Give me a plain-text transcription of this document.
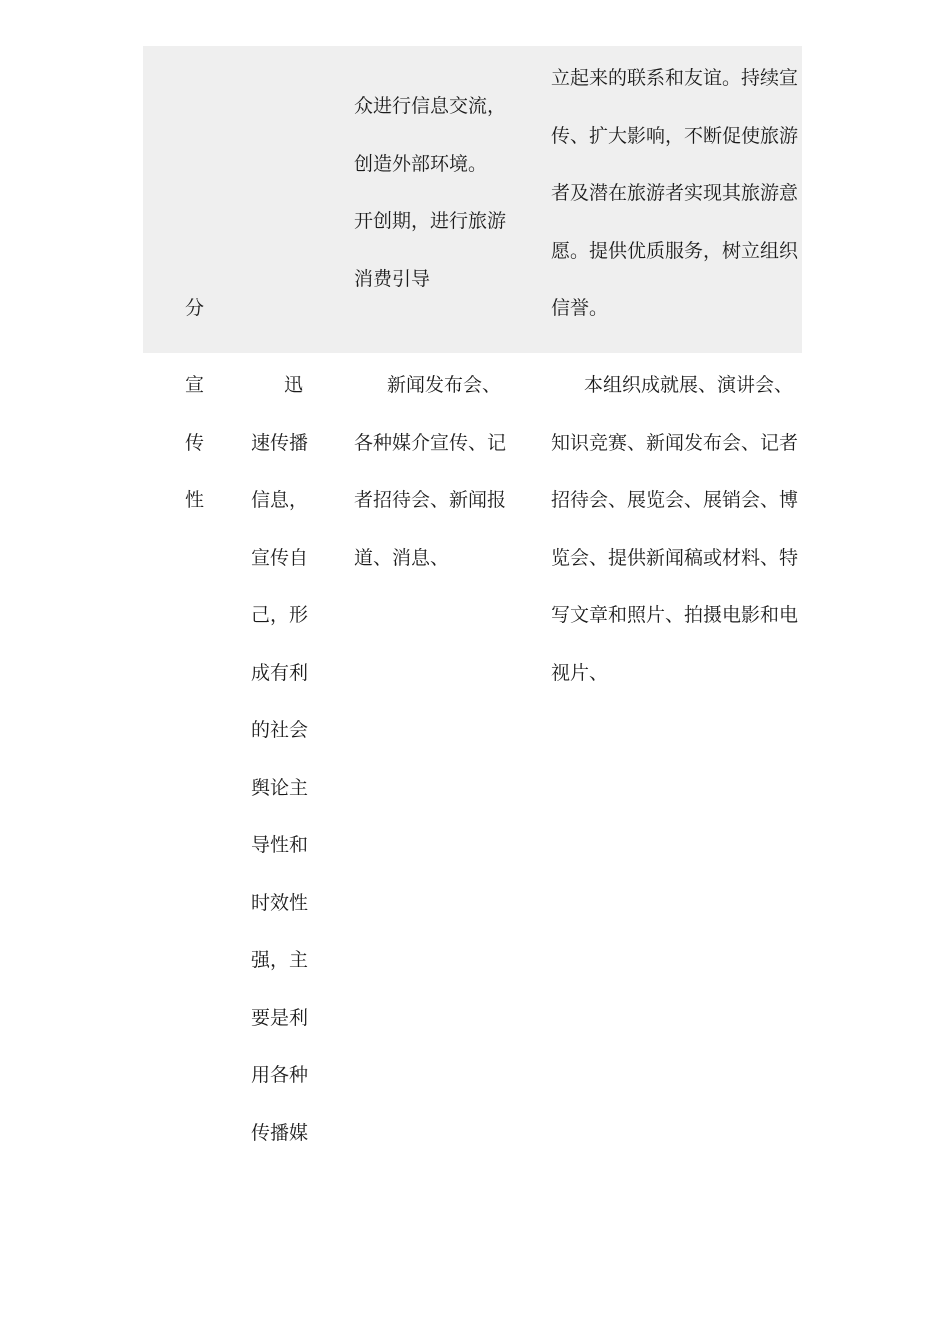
分
众进行信息交流，
创造外部环境。
开创期，进行旅游
消费引导
立起来的联系和友谊。持续宣
传、扩大影响，不断促使旅游
者及潜在旅游者实现其旅游意
愿。提供优质服务，树立组织
信誉。
宣
传
性
迅
速传播
信息，
宣传自
己，形
成有利
的社会
舆论主
导性和
时效性
强，主
要是利
用各种
传播媒
新闻发布会、
各种媒介宣传、记
者招待会、新闻报
道、消息、
本组织成就展、演讲会、
知识竞赛、新闻发布会、记者
招待会、展览会、展销会、博
览会、提供新闻稿或材料、特
写文章和照片、拍摄电影和电
视片、
